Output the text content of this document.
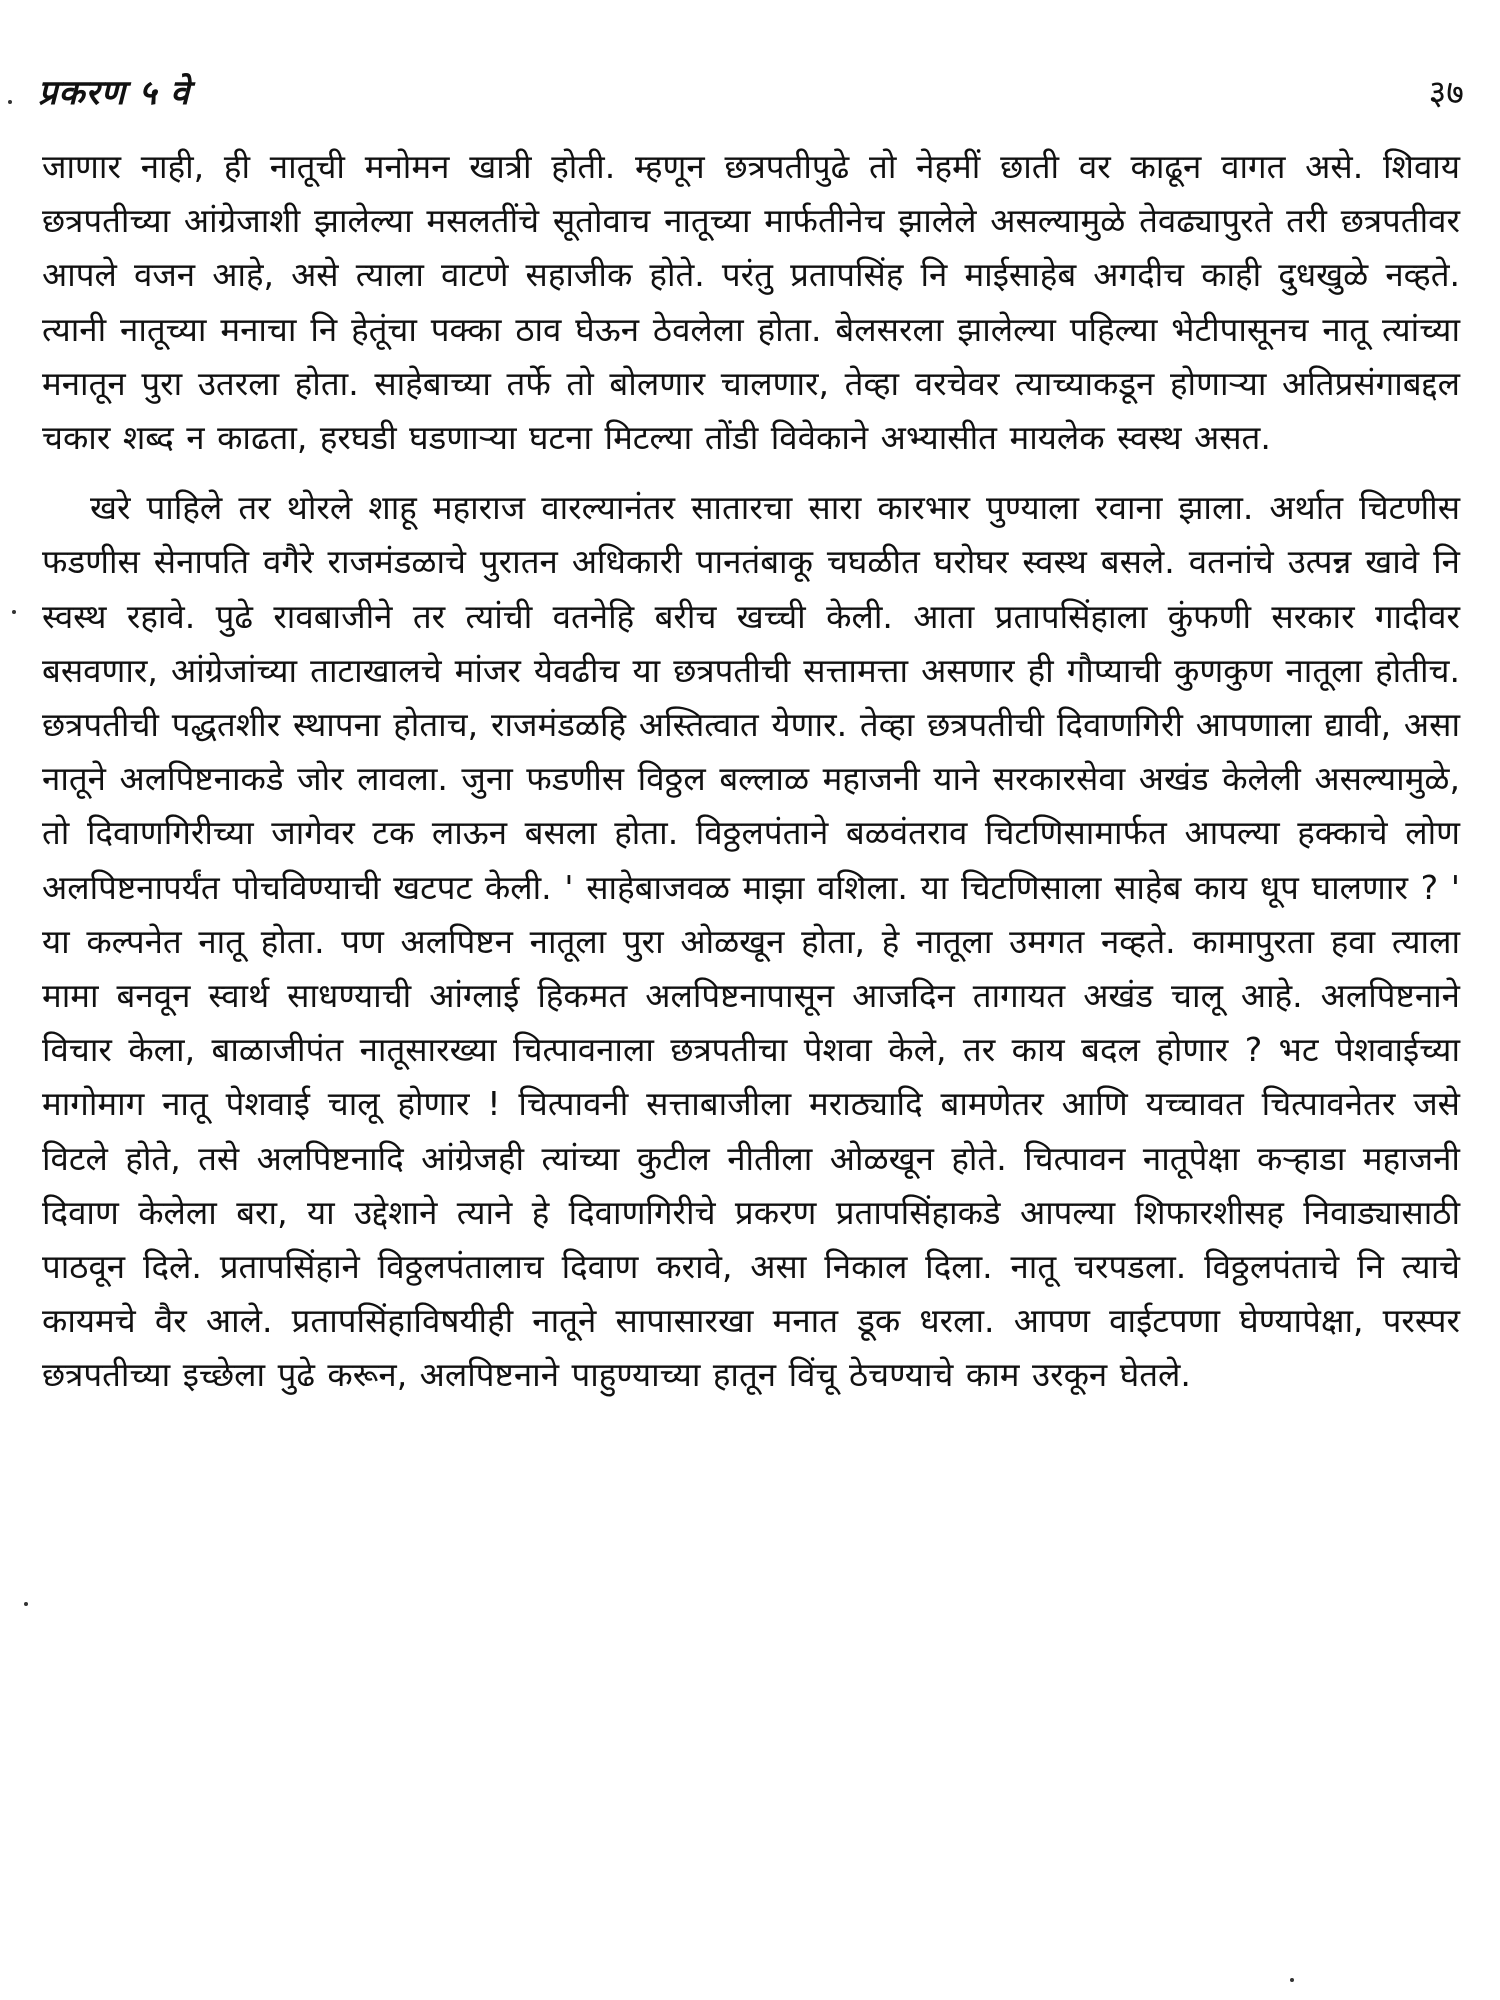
प्रकरण ५ वे	३७

जाणार नाही, ही नातूची मनोमन खात्री होती. म्हणून छत्रपतीपुढे तो नेहमीं छाती वर काढून वागत असे. शिवाय छत्रपतीच्या आंग्रेजाशी झालेल्या मसलतींचे सूतोवाच नातूच्या मार्फतीनेच झालेले असल्यामुळे तेवढ्यापुरते तरी छत्रपतीवर आपले वजन आहे, असे त्याला वाटणे सहाजीक होते. परंतु प्रतापसिंह नि माईसाहेब अगदीच काही दुधखुळे नव्हते. त्यानी नातूच्या मनाचा नि हेतूंचा पक्का ठाव घेऊन ठेवलेला होता. बेलसरला झालेल्या पहिल्या भेटीपासूनच नातू त्यांच्या मनातून पुरा उतरला होता. साहेबाच्या तर्फे तो बोलणार चालणार, तेव्हा वरचेवर त्याच्याकडून होणाऱ्या अतिप्रसंगाबद्दल चकार शब्द न काढता, हरघडी घडणाऱ्या घटना मिटल्या तोंडी विवेकाने अभ्यासीत मायलेक स्वस्थ असत.

खरे पाहिले तर थोरले शाहू महाराज वारल्यानंतर सातारचा सारा कारभार पुण्याला रवाना झाला. अर्थात चिटणीस फडणीस सेनापति वगैरे राजमंडळाचे पुरातन अधिकारी पानतंबाकू चघळीत घरोघर स्वस्थ बसले. वतनांचे उत्पन्न खावे नि स्वस्थ रहावे. पुढे रावबाजीने तर त्यांची वतनेहि बरीच खच्ची केली. आता प्रतापसिंहाला कुंफणी सरकार गादीवर बसवणार, आंग्रेजांच्या ताटाखालचे मांजर येवढीच या छत्रपतीची सत्तामत्ता असणार ही गौप्याची कुणकुण नातूला होतीच. छत्रपतीची पद्धतशीर स्थापना होताच, राजमंडळहि अस्तित्वात येणार. तेव्हा छत्रपतीची दिवाणगिरी आपणाला द्यावी, असा नातूने अलपिष्टनाकडे जोर लावला. जुना फडणीस विठ्ठल बल्लाळ महाजनी याने सरकारसेवा अखंड केलेली असल्यामुळे, तो दिवाणगिरीच्या जागेवर टक लाऊन बसला होता. विठ्ठलपंताने बळवंतराव चिटणिसामार्फत आपल्या हक्काचे लोण अलपिष्टनापर्यंत पोचविण्याची खटपट केली. ' साहेबाजवळ माझा वशिला. या चिटणिसाला साहेब काय धूप घालणार ? ' या कल्पनेत नातू होता. पण अलपिष्टन नातूला पुरा ओळखून होता, हे नातूला उमगत नव्हते. कामापुरता हवा त्याला मामा बनवून स्वार्थ साधण्याची आंग्लाई हिकमत अलपिष्टनापासून आजदिन तागायत अखंड चालू आहे. अलपिष्टनाने विचार केला, बाळाजीपंत नातूसारख्या चित्पावनाला छत्रपतीचा पेशवा केले, तर काय बदल होणार ? भट पेशवाईच्या मागोमाग नातू पेशवाई चालू होणार ! चित्पावनी सत्ताबाजीला मराठ्यादि बामणेतर आणि यच्चावत चित्पावनेतर जसे विटले होते, तसे अलपिष्टनादि आंग्रेजही त्यांच्या कुटील नीतीला ओळखून होते. चित्पावन नातूपेक्षा कऱ्हाडा महाजनी दिवाण केलेला बरा, या उद्देशाने त्याने हे दिवाणगिरीचे प्रकरण प्रतापसिंहाकडे आपल्या शिफारशीसह निवाड्यासाठी पाठवून दिले. प्रतापसिंहाने विठ्ठलपंतालाच दिवाण करावे, असा निकाल दिला. नातू चरपडला. विठ्ठलपंताचे नि त्याचे कायमचे वैर आले. प्रतापसिंहाविषयीही नातूने सापासारखा मनात डूक धरला. आपण वाईटपणा घेण्यापेक्षा, परस्पर छत्रपतीच्या इच्छेला पुढे करून, अलपिष्टनाने पाहुण्याच्या हातून विंचू ठेचण्याचे काम उरकून घेतले.
